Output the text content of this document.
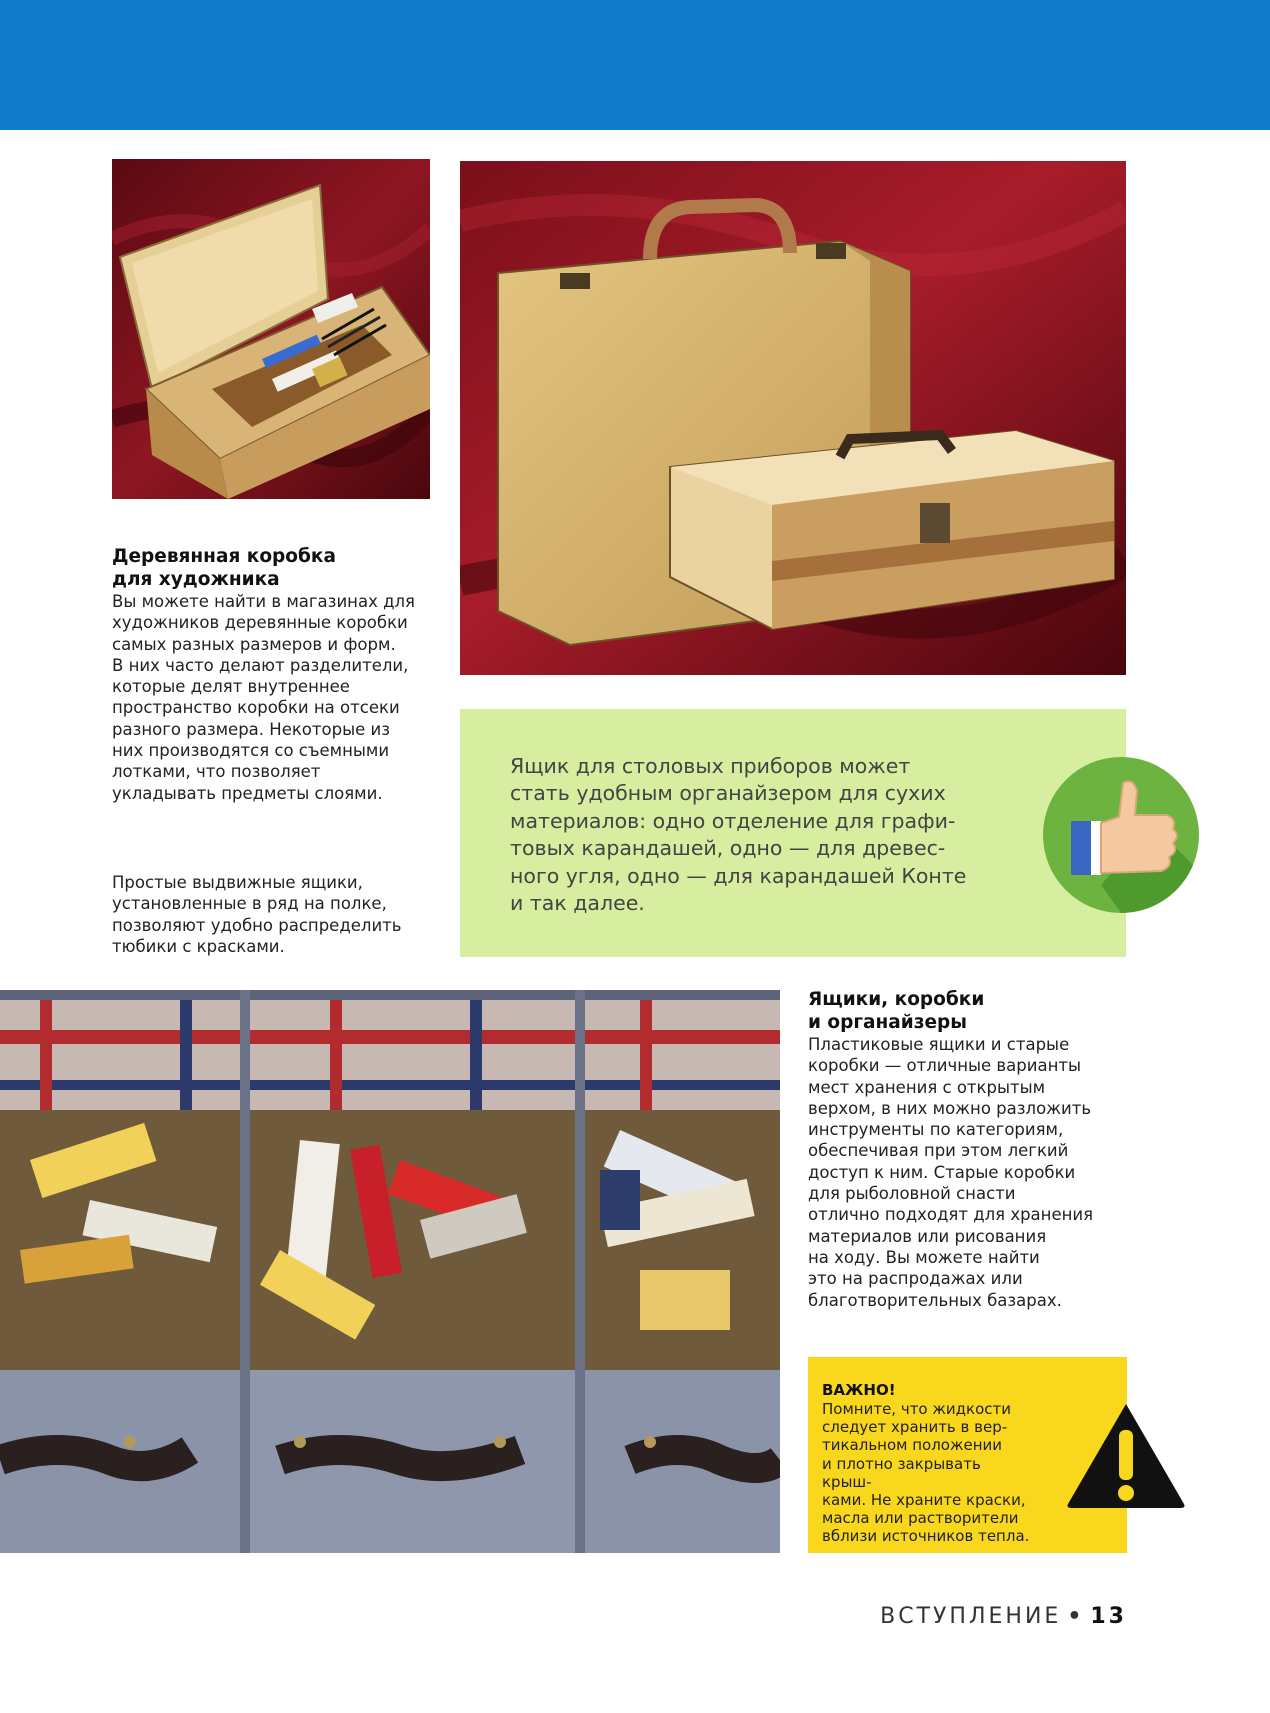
Деревянная коробка
для художника

Вы можете найти в магазинах для
художников деревянные коробки
самых разных размеров и форм.
В них часто делают разделители,
которые делят внутреннее
пространство коробки на отсеки
разного размера. Некоторые из
них производятся со съемными
лотками, что позволяет
укладывать предметы слоями.

Простые выдвижные ящики,
установленные в ряд на полке,
позволяют удобно распределить
тюбики с красками.

Ящик для столовых приборов может
стать удобным органайзером для сухих
материалов: одно отделение для графи-
товых карандашей, одно — для древес-
ного угля, одно — для карандашей Конте
и так далее.
Ящики, коробки
и органайзеры

Пластиковые ящики и старые
коробки — отличные варианты
мест хранения с открытым
верхом, в них можно разложить
инструменты по категориям,
обеспечивая при этом легкий
доступ к ним. Старые коробки
для рыболовной снасти
отлично подходят для хранения
материалов или рисования
на ходу. Вы можете найти
это на распродажах или
благотворительных базарах.

ВАЖНО!
Помните, что жидкости
следует хранить в вер-
тикальном положении
и плотно закрывать крыш-
ками. Не храните краски,
масла или растворители
вблизи источников тепла.
ВСТУПЛЕНИЕ • 13
